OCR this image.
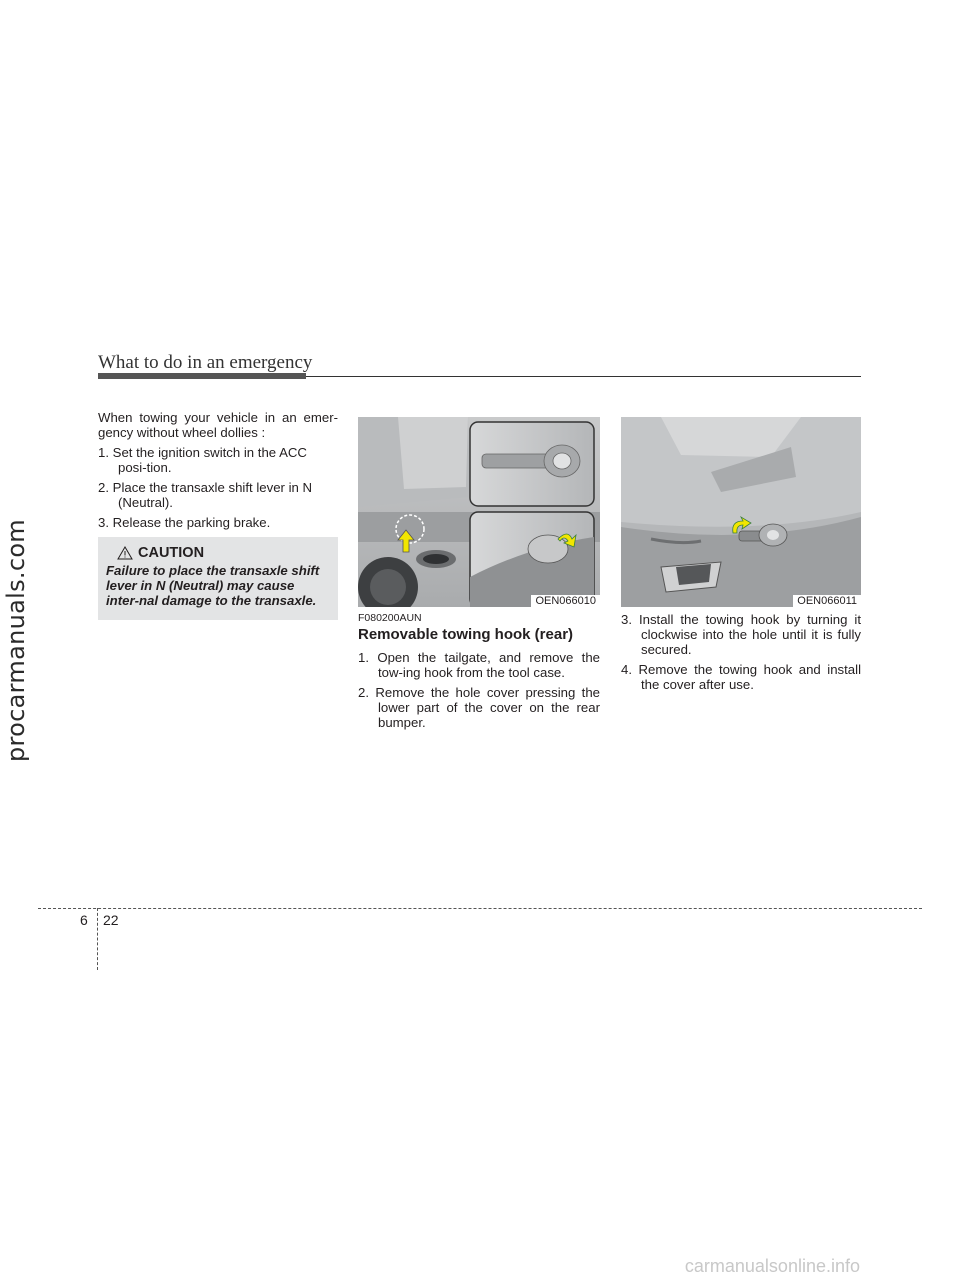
procarmanuals.com
What to do in an emergency

When towing your vehicle in an emer-gency without wheel dollies :

1. Set the ignition switch in the ACC posi-tion.

2. Place the transaxle shift lever in N (Neutral).

3. Release the parking brake.

CAUTION
Failure to place the transaxle shift lever in N (Neutral) may cause inter-nal damage to the transaxle.	OEN066010	OEN066011
F080200AUN
Removable towing hook (rear)

1. Open the tailgate, and remove the tow-ing hook from the tool case.

2. Remove the hole cover pressing the lower part of the cover on the rear bumper.

3. Install the towing hook by turning it clockwise into the hole until it is fully secured.

4. Remove the towing hook and install the cover after use.

6 22
carmanualsonline.info
